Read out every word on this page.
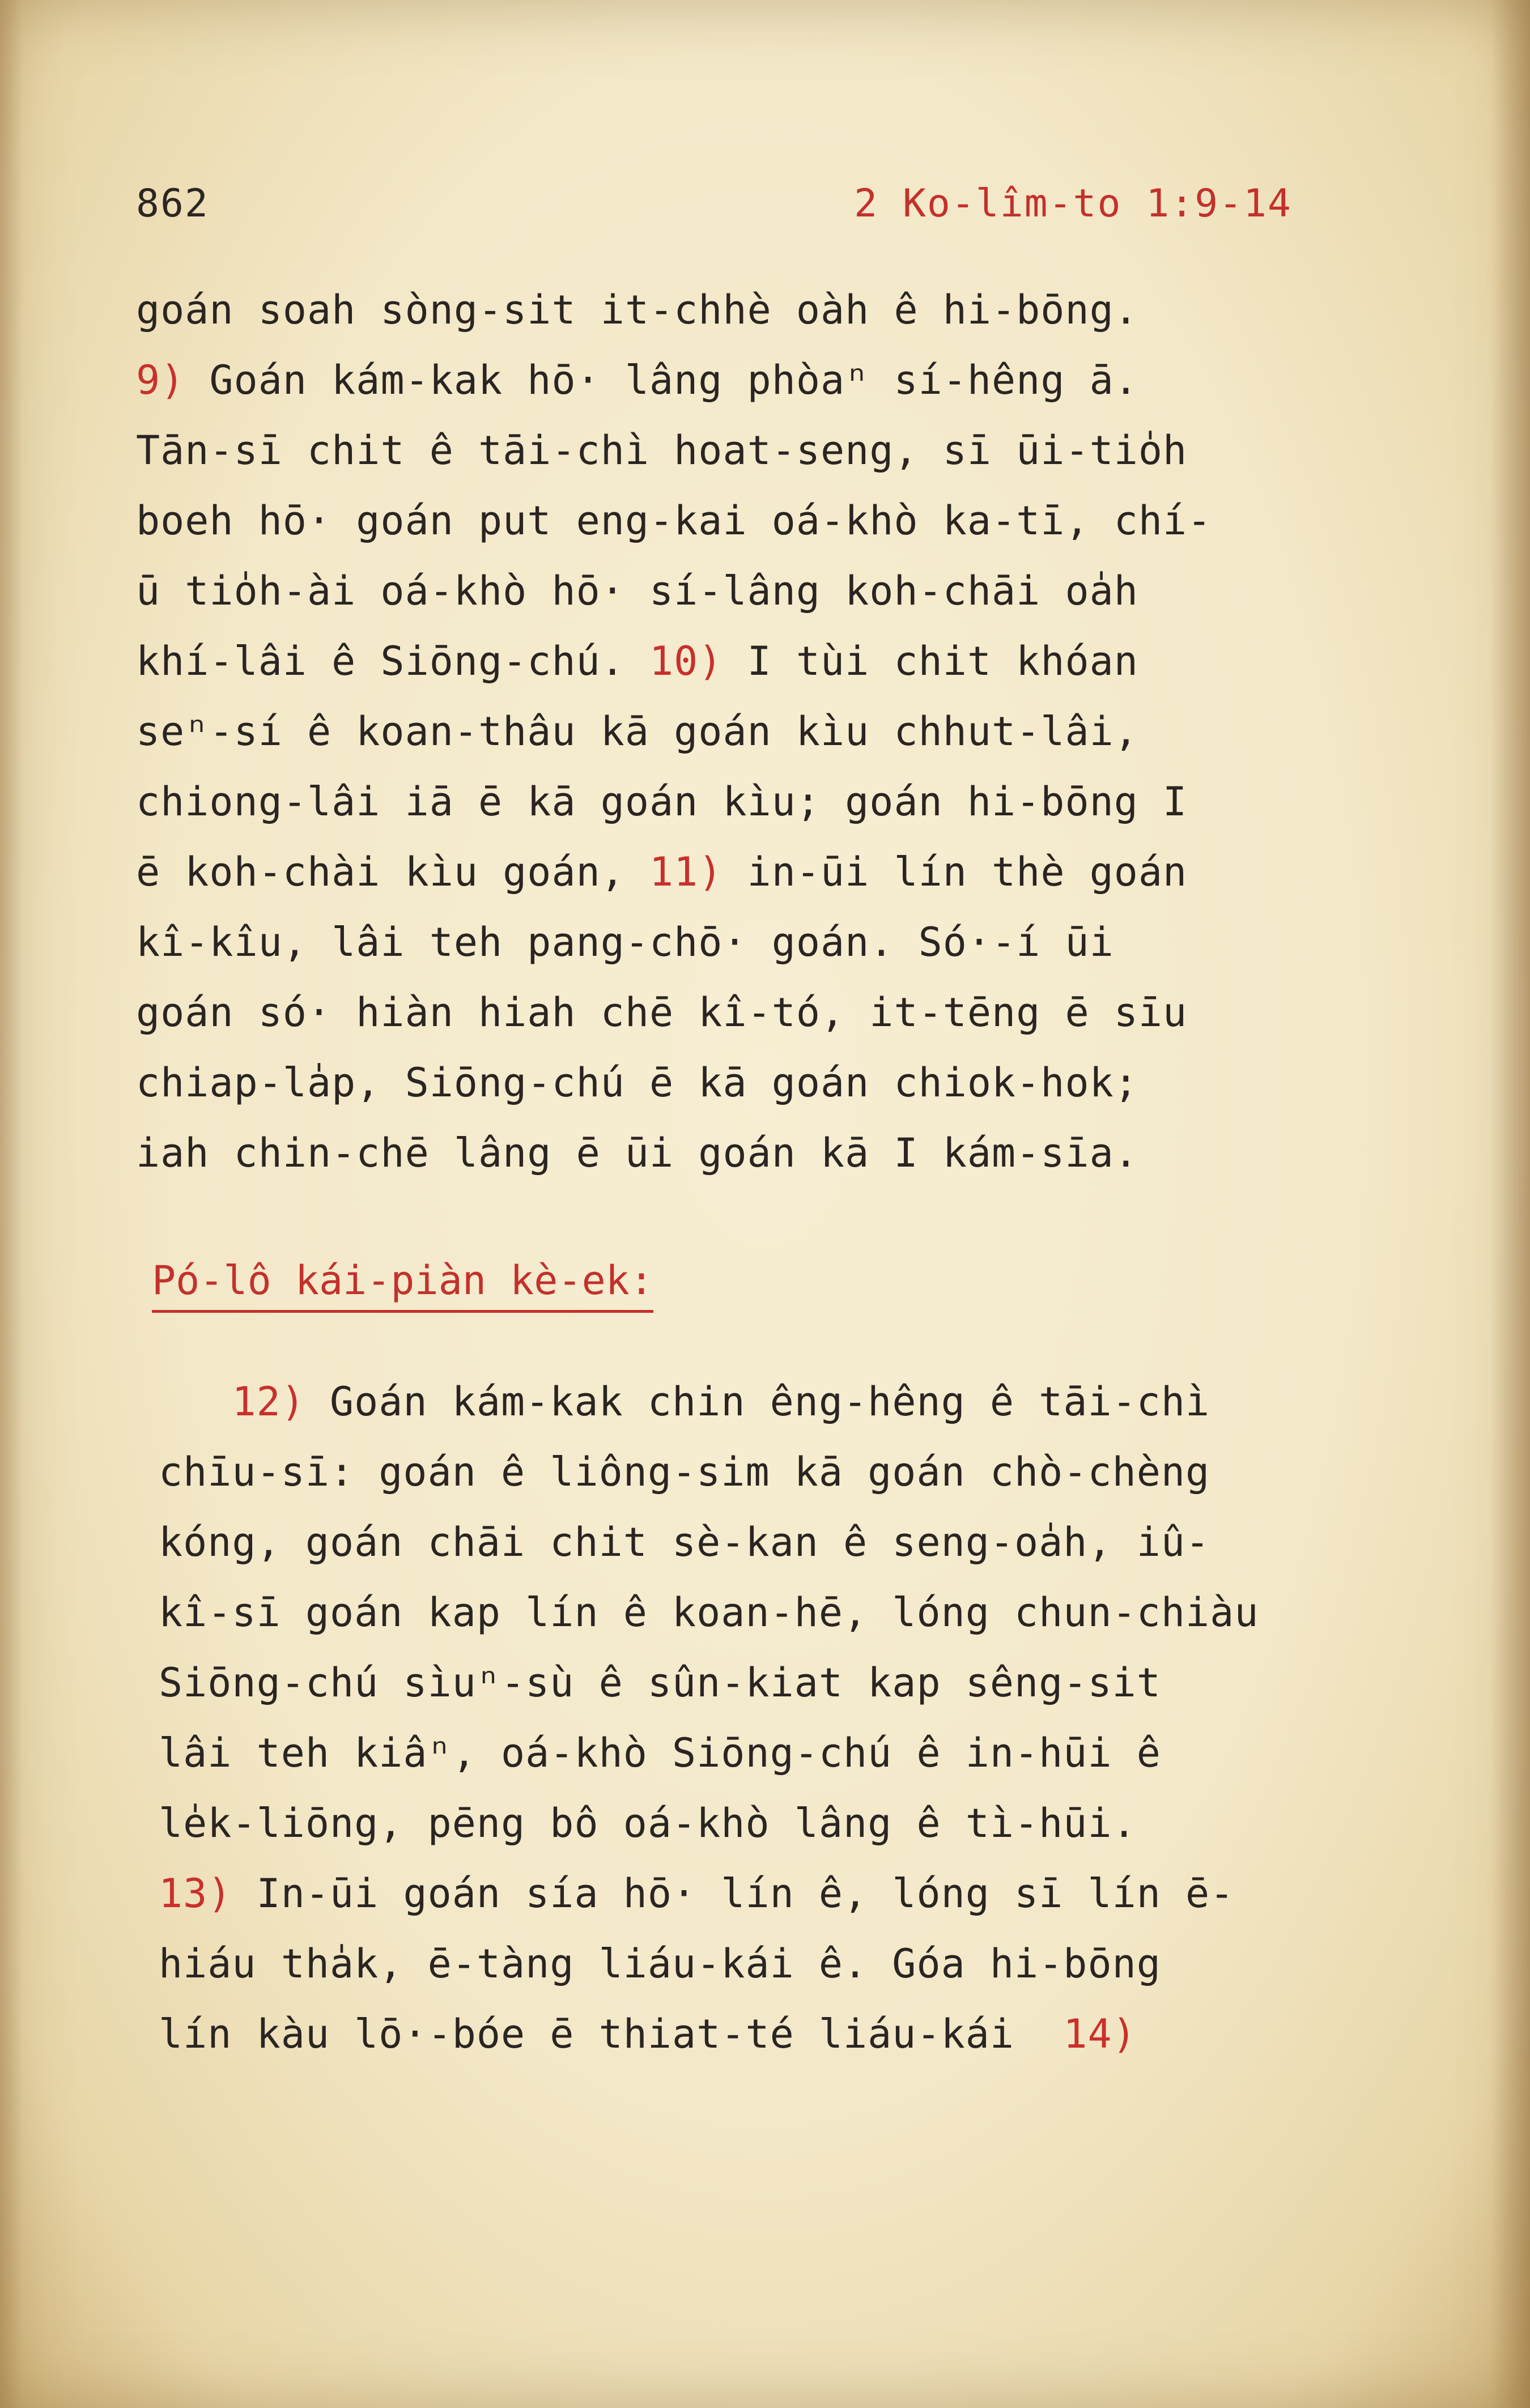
862	2 Ko-lîm-to 1:9-14
goán soah sòng-sit it-chhè oàh ê hi-bōng.
9) Goán kám-kak hō· lâng phòaⁿ sí-hêng ā.
Tān-sī chit ê tāi-chì hoat-seng, sī ūi-tio̍h
boeh hō· goán put eng-kai oá-khò ka-tī, chí-
ū tio̍h-ài oá-khò hō· sí-lâng koh-chāi oa̍h
khí-lâi ê Siōng-chú. 10) I tùi chit khóan
seⁿ-sí ê koan-thâu kā goán kìu chhut-lâi,
chiong-lâi iā ē kā goán kìu; goán hi-bōng I
ē koh-chài kìu goán, 11) in-ūi lín thè goán
kî-kîu, lâi teh pang-chō· goán. Só·-í ūi
goán só· hiàn hiah chē kî-tó, it-tēng ē sīu
chiap-la̍p, Siōng-chú ē kā goán chiok-hok;
iah chin-chē lâng ē ūi goán kā I kám-sīa.
Pó-lô kái-piàn kè-ek:
12) Goán kám-kak chin êng-hêng ê tāi-chì
chīu-sī: goán ê liông-sim kā goán chò-chèng
kóng, goán chāi chit sè-kan ê seng-oa̍h, iû-
kî-sī goán kap lín ê koan-hē, lóng chun-chiàu
Siōng-chú sìuⁿ-sù ê sûn-kiat kap sêng-sit
lâi teh kiâⁿ, oá-khò Siōng-chú ê in-hūi ê
le̍k-liōng, pēng bô oá-khò lâng ê tì-hūi.
13) In-ūi goán sía hō· lín ê, lóng sī lín ē-
hiáu tha̍k, ē-tàng liáu-kái ê. Góa hi-bōng
lín kàu lō·-bóe ē thiat-té liáu-kái  14)
